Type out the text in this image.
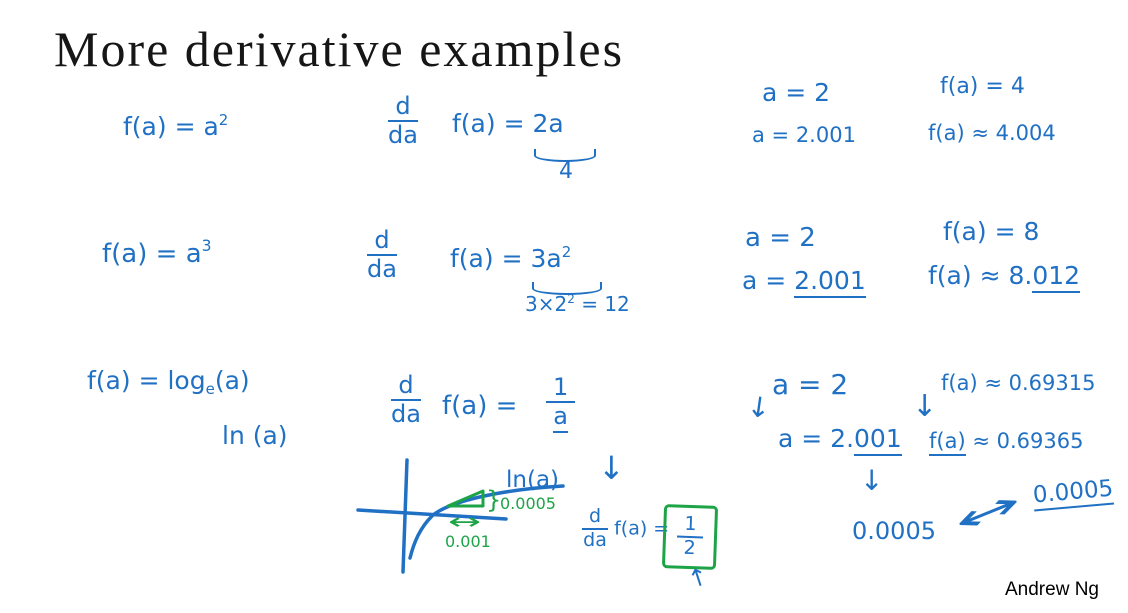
More derivative examples
$f(a) = a^2$	$\frac{d}{da} f(a) = 2a$
4
a = 2	f(a) = 4
a = 2.001	f(a) ≈ 4.004
$f(a) = a^3$	$\frac{d}{da} f(a) = 3a^2$
$3\times 2^2 = 12$
a = 2	f(a) = 8
a = 2.001 f(a) ≈ 8.012
$f(a) = \log_e(a)$
ln (a)
$\frac{d}{da} f(a) = \frac{1}{a}$
↓
ln(a)
}
0.0005
↔
0.001	$\frac{d}{da} f(a) = \frac{1}{2}$
↑
↓
a = 2
↓
f(a) ≈ 0.69315
a = 2.001 f(a) ≈ 0.69365
↓
0.0005 ↔ 0.0005
Andrew Ng
